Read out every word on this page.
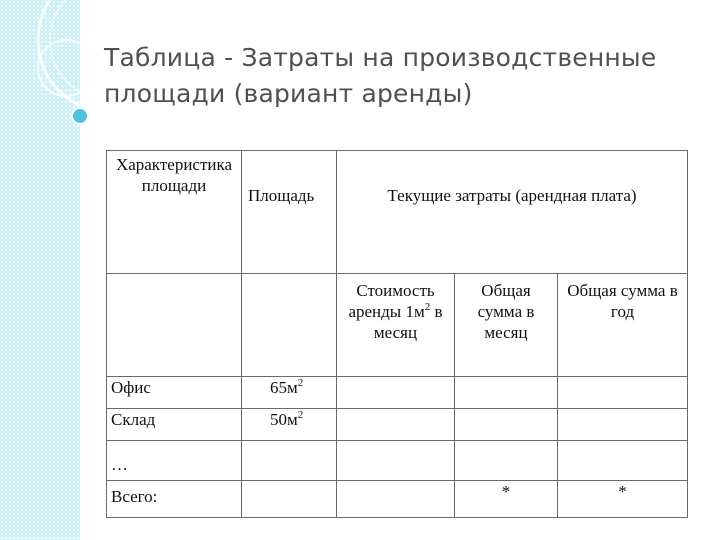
Таблица - Затраты на производственные
площади (вариант аренды)
Характеристика площади	Площадь	Текущие затраты (арендная плата)		
		Стоимость аренды $1м^2$ в месяц	Общая сумма в месяц	Общая сумма в год
Офис	$65м^2$			
Склад	$50м^2$			
…				
Всего:			*	*
